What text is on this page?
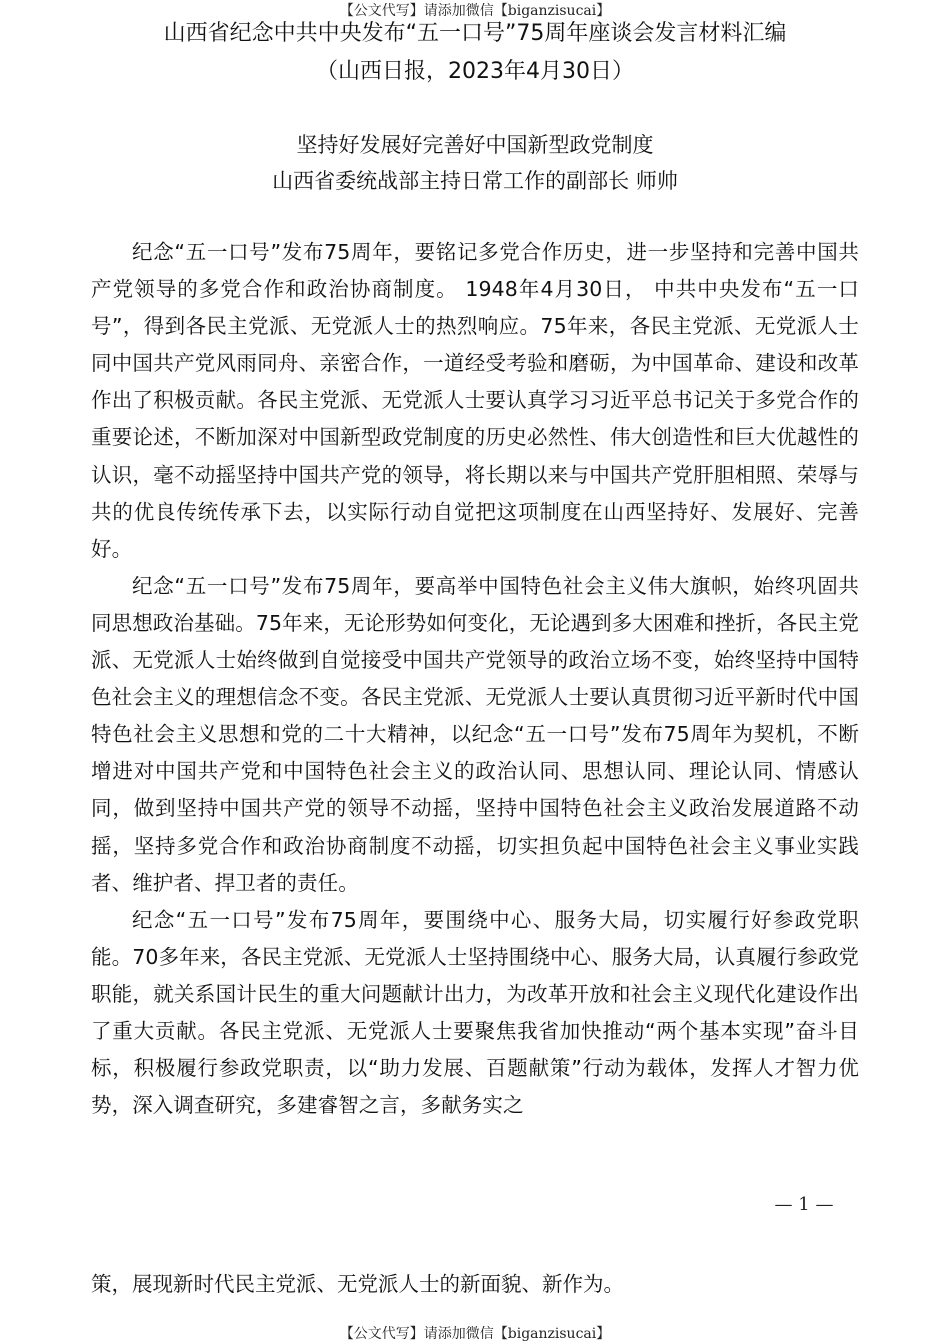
【公文代写】请添加微信【biganzisucai】
山西省纪念中共中央发布“五一口号”75周年座谈会发言材料汇编
（山西日报，2023年4月30日）
坚持好发展好完善好中国新型政党制度
山西省委统战部主持日常工作的副部长 师帅

纪念“五一口号”发布75周年，要铭记多党合作历史，进一步坚持和完善中国共产党领导的多党合作和政治协商制度。 1948年4月30日， 中共中央发布“五一口号”，得到各民主党派、无党派人士的热烈响应。75年来，各民主党派、无党派人士同中国共产党风雨同舟、亲密合作，一道经受考验和磨砺，为中国革命、建设和改革作出了积极贡献。各民主党派、无党派人士要认真学习习近平总书记关于多党合作的重要论述，不断加深对中国新型政党制度的历史必然性、伟大创造性和巨大优越性的认识，毫不动摇坚持中国共产党的领导，将长期以来与中国共产党肝胆相照、荣辱与共的优良传统传承下去，以实际行动自觉把这项制度在山西坚持好、发展好、完善好。

纪念“五一口号”发布75周年，要高举中国特色社会主义伟大旗帜，始终巩固共同思想政治基础。75年来，无论形势如何变化，无论遇到多大困难和挫折，各民主党派、无党派人士始终做到自觉接受中国共产党领导的政治立场不变，始终坚持中国特色社会主义的理想信念不变。各民主党派、无党派人士要认真贯彻习近平新时代中国特色社会主义思想和党的二十大精神，以纪念“五一口号”发布75周年为契机，不断增进对中国共产党和中国特色社会主义的政治认同、思想认同、理论认同、情感认同，做到坚持中国共产党的领导不动摇，坚持中国特色社会主义政治发展道路不动摇，坚持多党合作和政治协商制度不动摇，切实担负起中国特色社会主义事业实践者、维护者、捍卫者的责任。

纪念“五一口号”发布75周年，要围绕中心、服务大局，切实履行好参政党职能。70多年来，各民主党派、无党派人士坚持围绕中心、服务大局，认真履行参政党职能，就关系国计民生的重大问题献计出力，为改革开放和社会主义现代化建设作出了重大贡献。各民主党派、无党派人士要聚焦我省加快推动“两个基本实现”奋斗目标，积极履行参政党职责，以“助力发展、百题献策”行动为载体，发挥人才智力优势，深入调查研究，多建睿智之言，多献务实之

— 1 —
策，展现新时代民主党派、无党派人士的新面貌、新作为。
【公文代写】请添加微信【biganzisucai】
